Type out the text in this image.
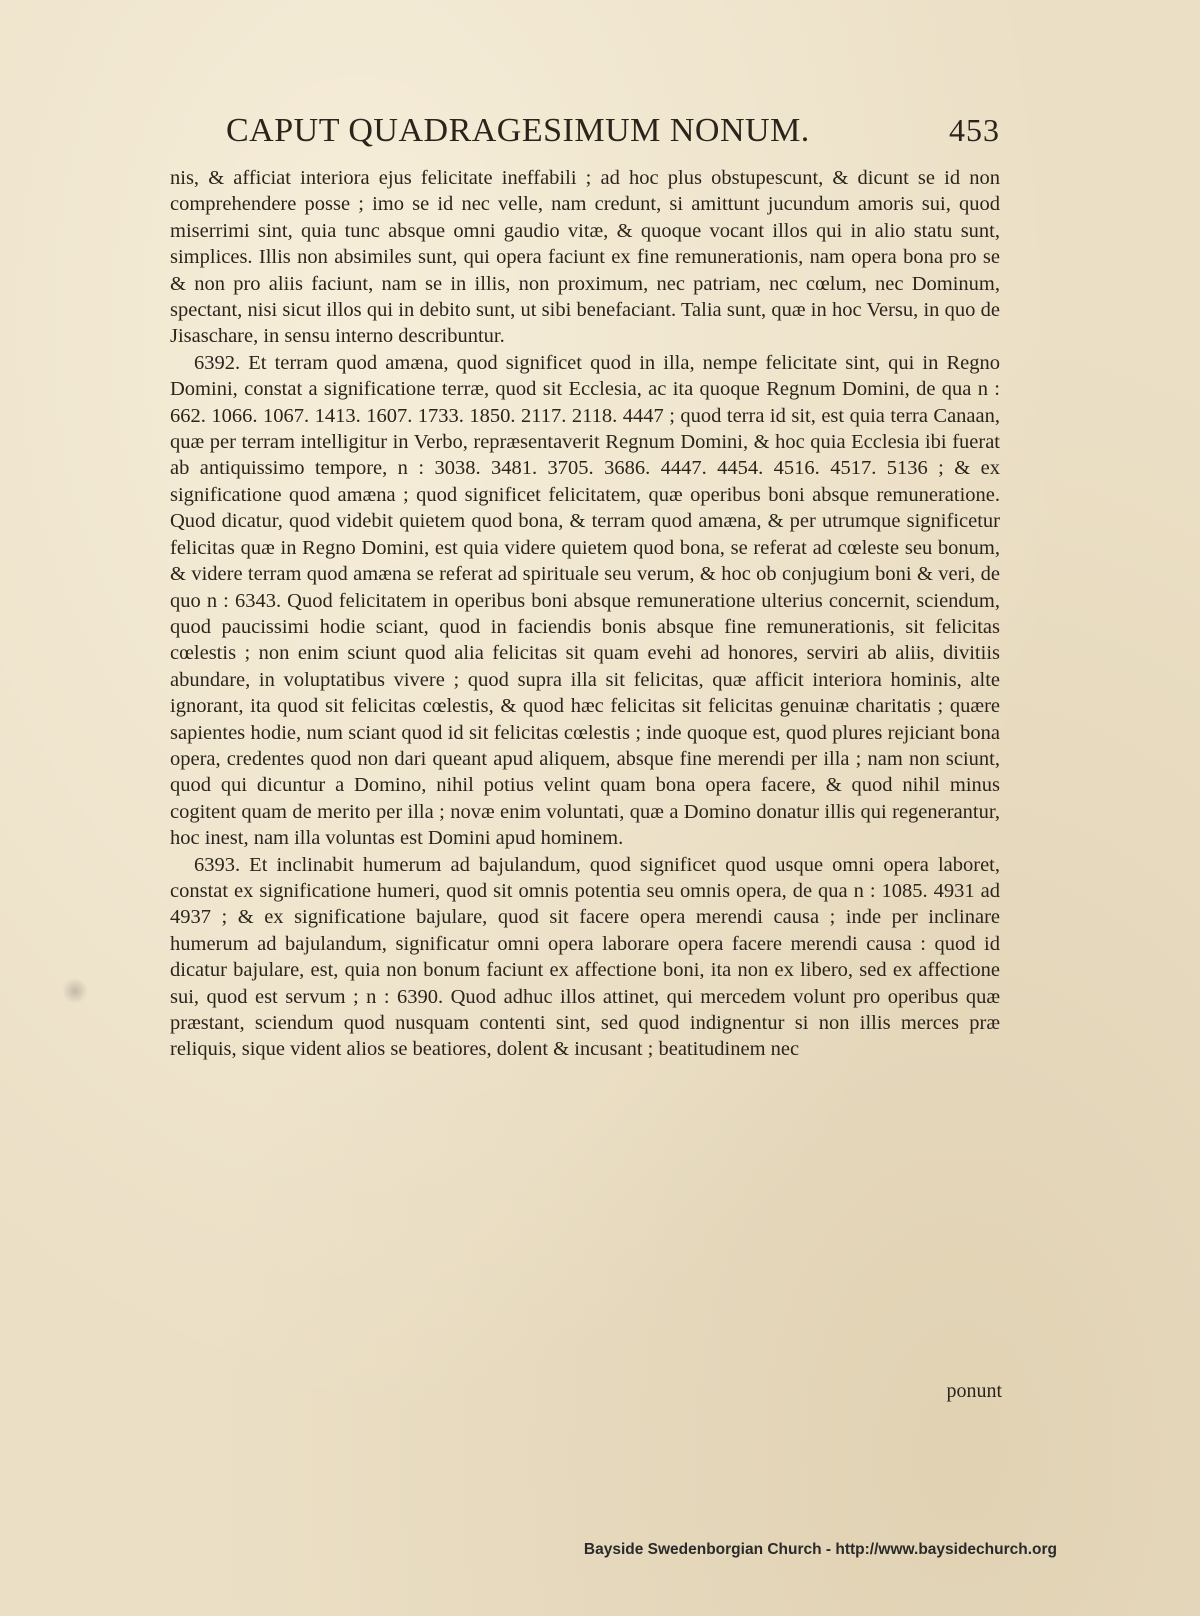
CAPUT QUADRAGESIMUM NONUM.	453

nis, & afficiat interiora ejus felicitate ineffabili ; ad hoc plus obstupescunt, & dicunt se id non comprehendere posse ; imo se id nec velle, nam credunt, si amittunt jucundum amoris sui, quod miserrimi sint, quia tunc absque omni gaudio vitæ, & quoque vocant illos qui in alio statu sunt, simplices. Illis non absimiles sunt, qui opera faciunt ex fine remunerationis, nam opera bona pro se & non pro aliis faciunt, nam se in illis, non proximum, nec patriam, nec cœlum, nec Dominum, spectant, nisi sicut illos qui in debito sunt, ut sibi benefaciant. Talia sunt, quæ in hoc Versu, in quo de Jisaschare, in sensu interno describuntur.

6392. Et terram quod amæna, quod significet quod in illa, nempe felicitate sint, qui in Regno Domini, constat a significatione terræ, quod sit Ecclesia, ac ita quoque Regnum Domini, de qua n : 662. 1066. 1067. 1413. 1607. 1733. 1850. 2117. 2118. 4447 ; quod terra id sit, est quia terra Canaan, quæ per terram intelligitur in Verbo, repræsentaverit Regnum Domini, & hoc quia Ecclesia ibi fuerat ab antiquissimo tempore, n : 3038. 3481. 3705. 3686. 4447. 4454. 4516. 4517. 5136 ; & ex significatione quod amæna ; quod significet felicitatem, quæ operibus boni absque remuneratione. Quod dicatur, quod videbit quietem quod bona, & terram quod amæna, & per utrumque significetur felicitas quæ in Regno Domini, est quia videre quietem quod bona, se referat ad cœleste seu bonum, & videre terram quod amæna se referat ad spirituale seu verum, & hoc ob conjugium boni & veri, de quo n : 6343. Quod felicitatem in operibus boni absque remuneratione ulterius concernit, sciendum, quod paucissimi hodie sciant, quod in faciendis bonis absque fine remunerationis, sit felicitas cœlestis ; non enim sciunt quod alia felicitas sit quam evehi ad honores, serviri ab aliis, divitiis abundare, in voluptatibus vivere ; quod supra illa sit felicitas, quæ afficit interiora hominis, alte ignorant, ita quod sit felicitas cœlestis, & quod hæc felicitas sit felicitas genuinæ charitatis ; quære sapientes hodie, num sciant quod id sit felicitas cœlestis ; inde quoque est, quod plures rejiciant bona opera, credentes quod non dari queant apud aliquem, absque fine merendi per illa ; nam non sciunt, quod qui dicuntur a Domino, nihil potius velint quam bona opera facere, & quod nihil minus cogitent quam de merito per illa ; novæ enim voluntati, quæ a Domino donatur illis qui regenerantur, hoc inest, nam illa voluntas est Domini apud hominem.

6393. Et inclinabit humerum ad bajulandum, quod significet quod usque omni opera laboret, constat ex significatione humeri, quod sit omnis potentia seu omnis opera, de qua n : 1085. 4931 ad 4937 ; & ex significatione bajulare, quod sit facere opera merendi causa ; inde per inclinare humerum ad bajulandum, significatur omni opera laborare opera facere merendi causa : quod id dicatur bajulare, est, quia non bonum faciunt ex affectione boni, ita non ex libero, sed ex affectione sui, quod est servum ; n : 6390. Quod adhuc illos attinet, qui mercedem volunt pro operibus quæ præstant, sciendum quod nusquam contenti sint, sed quod indignentur si non illis merces præ reliquis, sique vident alios se beatiores, dolent & incusant ; beatitudinem nec

ponunt
Bayside Swedenborgian Church - http://www.baysidechurch.org
